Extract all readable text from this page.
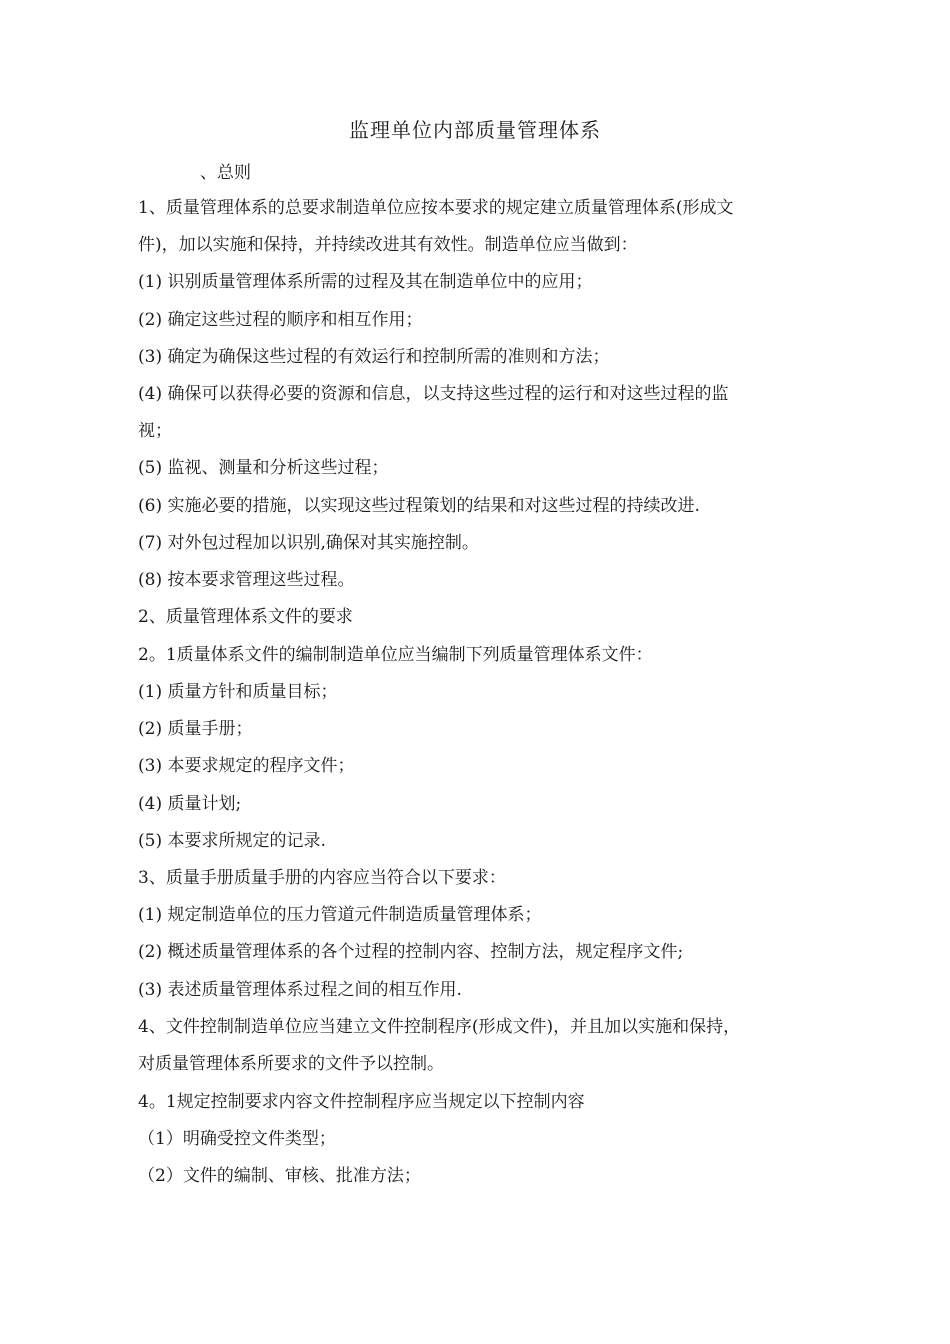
监理单位内部质量管理体系
、总则
1、质量管理体系的总要求制造单位应按本要求的规定建立质量管理体系(形成文
件)，加以实施和保持，并持续改进其有效性。制造单位应当做到：
(1) 识别质量管理体系所需的过程及其在制造单位中的应用；
(2) 确定这些过程的顺序和相互作用；
(3) 确定为确保这些过程的有效运行和控制所需的准则和方法；
(4) 确保可以获得必要的资源和信息，以支持这些过程的运行和对这些过程的监
视；
(5) 监视、测量和分析这些过程；
(6) 实施必要的措施，以实现这些过程策划的结果和对这些过程的持续改进.
(7) 对外包过程加以识别,确保对其实施控制。
(8) 按本要求管理这些过程。
2、质量管理体系文件的要求
2。1质量体系文件的编制制造单位应当编制下列质量管理体系文件：
(1) 质量方针和质量目标；
(2) 质量手册；
(3) 本要求规定的程序文件；
(4) 质量计划;
(5) 本要求所规定的记录.
3、质量手册质量手册的内容应当符合以下要求：
(1) 规定制造单位的压力管道元件制造质量管理体系；
(2) 概述质量管理体系的各个过程的控制内容、控制方法，规定程序文件;
(3) 表述质量管理体系过程之间的相互作用.
4、文件控制制造单位应当建立文件控制程序(形成文件)，并且加以实施和保持，
对质量管理体系所要求的文件予以控制。
4。1规定控制要求内容文件控制程序应当规定以下控制内容
（1）明确受控文件类型；
（2）文件的编制、审核、批准方法；
